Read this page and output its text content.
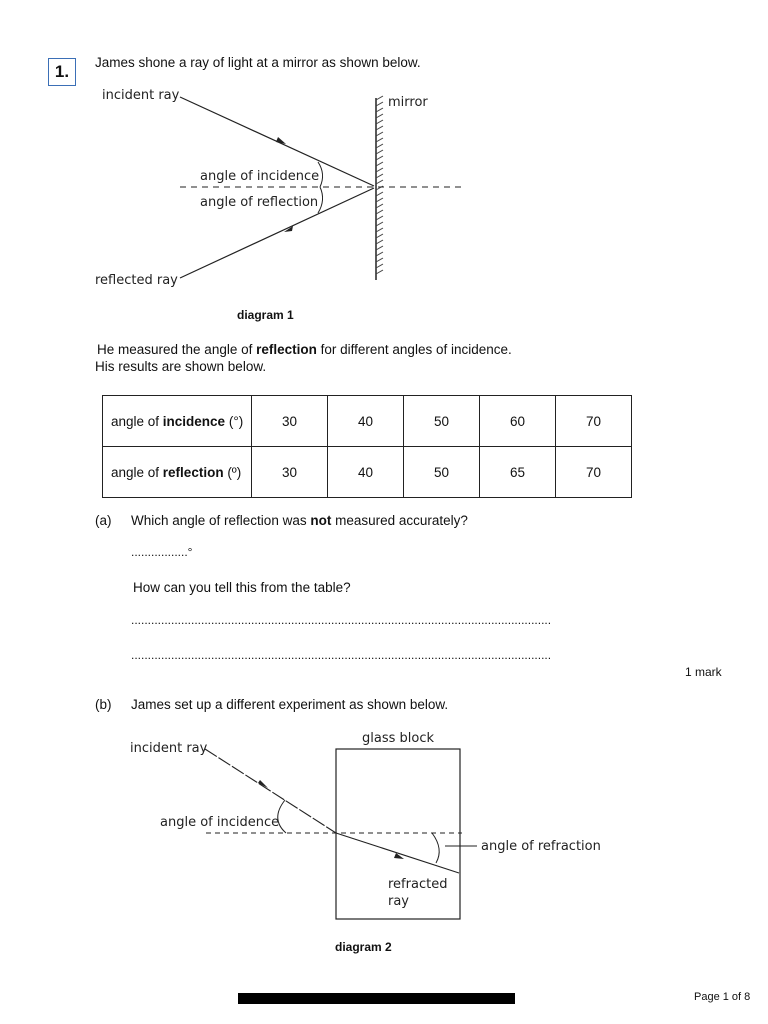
1.	James shone a ray of light at a mirror as shown below.
incident ray	mirror
angle of incidence
angle of reflection
reflected ray
diagram 1
He measured the angle of reflection for different angles of incidence.
His results are shown below.
angle of incidence (°)	30	40	50	60	70
angle of reflection (º)	30	40	50	65	70
(a) Which angle of reflection was not measured accurately?
.................°
How can you tell this from the table?
..............................................................................................................................
..............................................................................................................................
1 mark
(b) James set up a different experiment as shown below.
glass block
incident ray
angle of incidence
angle of refraction
refracted
ray
diagram 2
Page 1 of 8
